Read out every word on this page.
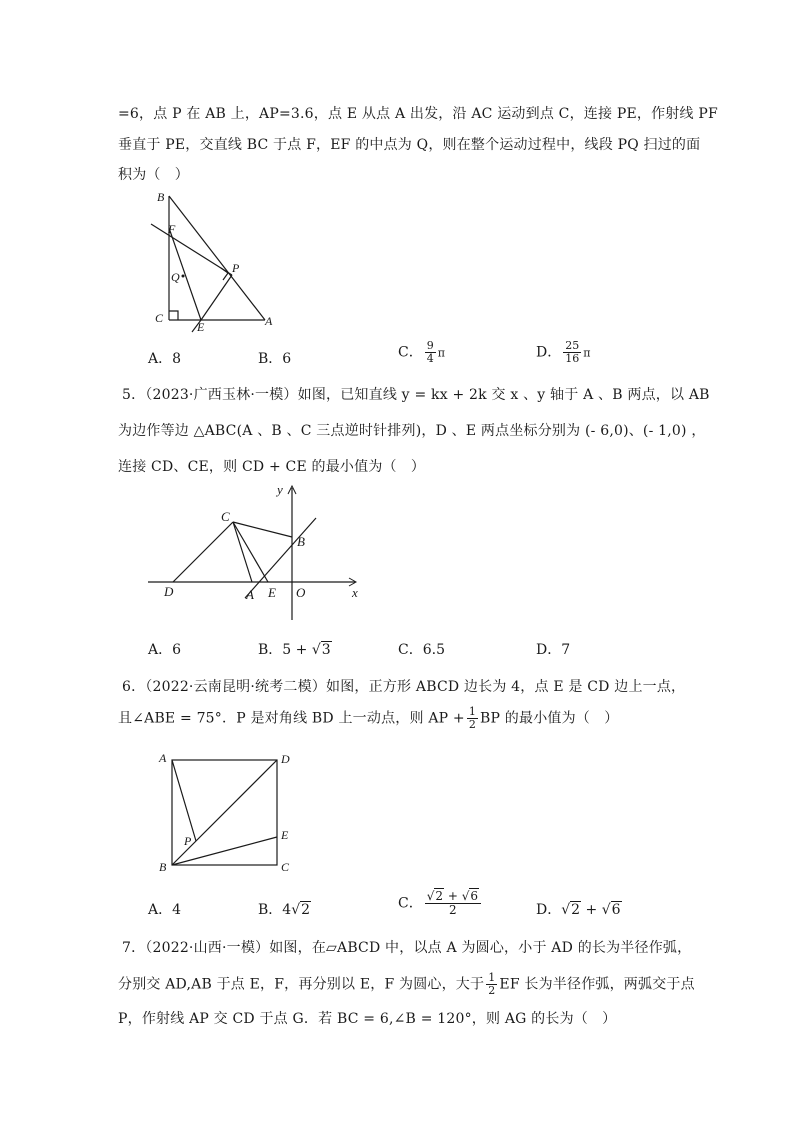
=6，点 P 在 AB 上，AP=3.6，点 E 从点 A 出发，沿 AC 运动到点 C，连接 PE，作射线 PF
垂直于 PE，交直线 BC 于点 F，EF 的中点为 Q，则在整个运动过程中，线段 PQ 扫过的面
积为（　）
B
F
Q
P
C
E	A
A．8	B．6	C． $\frac{9}{4}$ π	D． $\frac{25}{16}$ π
5．（2023·广西玉林·一模）如图，已知直线 y = kx + 2k 交 x 、y 轴于 A 、B 两点，以 AB
为边作等边 △ABC(A 、B 、C 三点逆时针排列)，D 、E 两点坐标分别为 (- 6,0)、(- 1,0) ，
连接 CD、CE，则 CD + CE 的最小值为（　）
y
x
C
B
D	A E O
A．6	B．5 + √3	C．6.5	D．7
6．（2022·云南昆明·统考二模）如图，正方形 ABCD 边长为 4，点 E 是 CD 边上一点，
且∠ABE = 75°．P 是对角线 BD 上一动点，则 AP + $\frac{1}{2}$ BP 的最小值为（　）
A	D
P	E
B	C
A．4	B．4√2	C． $\frac{√2 + √6}{2}$	D．√2 + √6
7．（2022·山西·一模）如图，在▱ABCD 中，以点 A 为圆心，小于 AD 的长为半径作弧，
分别交 AD,AB 于点 E，F，再分别以 E，F 为圆心，大于 $\frac{1}{2}$ EF 长为半径作弧，两弧交于点
P，作射线 AP 交 CD 于点 G．若 BC = 6,∠B = 120°，则 AG 的长为（　）
